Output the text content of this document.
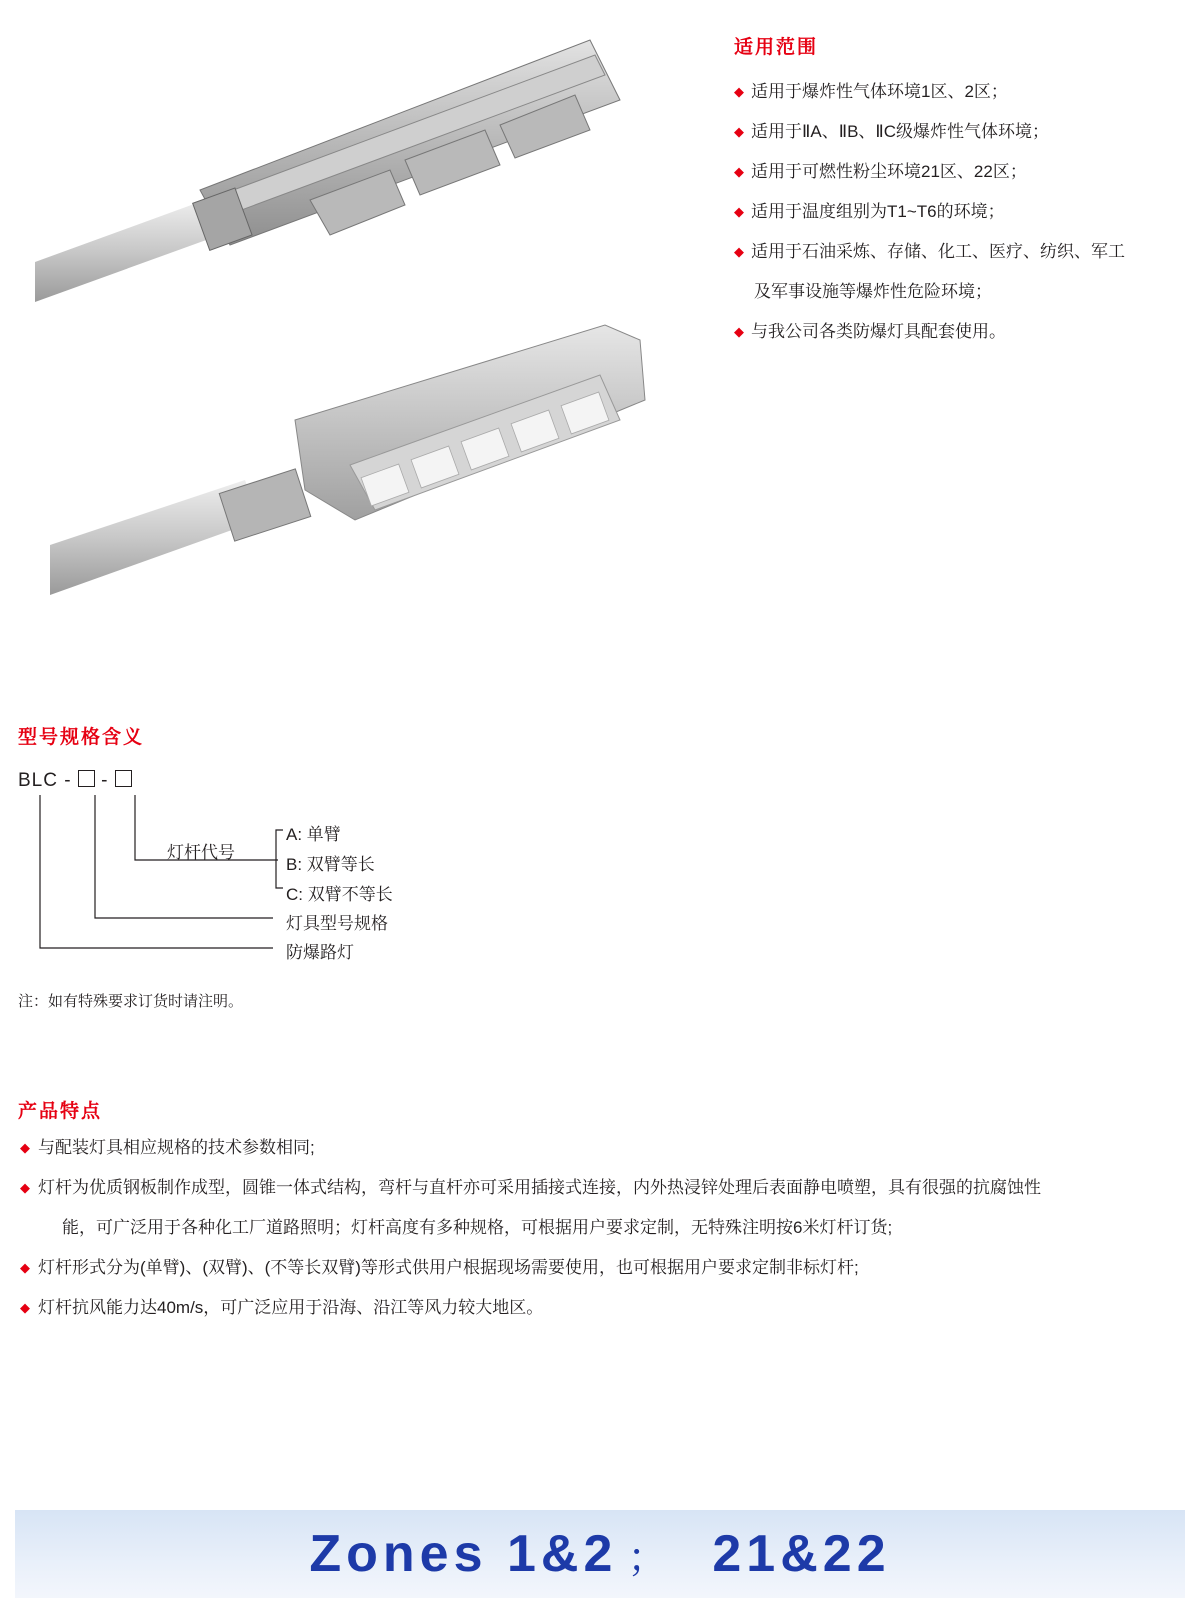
适用范围
◆ 适用于爆炸性气体环境1区、2区；
◆ 适用于ⅡA、ⅡB、ⅡC级爆炸性气体环境；
◆ 适用于可燃性粉尘环境21区、22区；
◆ 适用于温度组别为T1~T6的环境；
◆ 适用于石油采炼、存储、化工、医疗、纺织、军工
及军事设施等爆炸性危险环境；
◆ 与我公司各类防爆灯具配套使用。
型号规格含义
BLC - -
灯杆代号
A: 单臂
B: 双臂等长
C: 双臂不等长
灯具型号规格
防爆路灯
注：如有特殊要求订货时请注明。
产品特点
◆ 与配装灯具相应规格的技术参数相同;
◆ 灯杆为优质钢板制作成型，圆锥一体式结构，弯杆与直杆亦可采用插接式连接，内外热浸锌处理后表面静电喷塑，具有很强的抗腐蚀性
能，可广泛用于各种化工厂道路照明；灯杆高度有多种规格，可根据用户要求定制，无特殊注明按6米灯杆订货;
◆ 灯杆形式分为(单臂)、(双臂)、(不等长双臂)等形式供用户根据现场需要使用，也可根据用户要求定制非标灯杆;
◆ 灯杆抗风能力达40m/s，可广泛应用于沿海、沿江等风力较大地区。
Zones 1&2 ； 21&22
